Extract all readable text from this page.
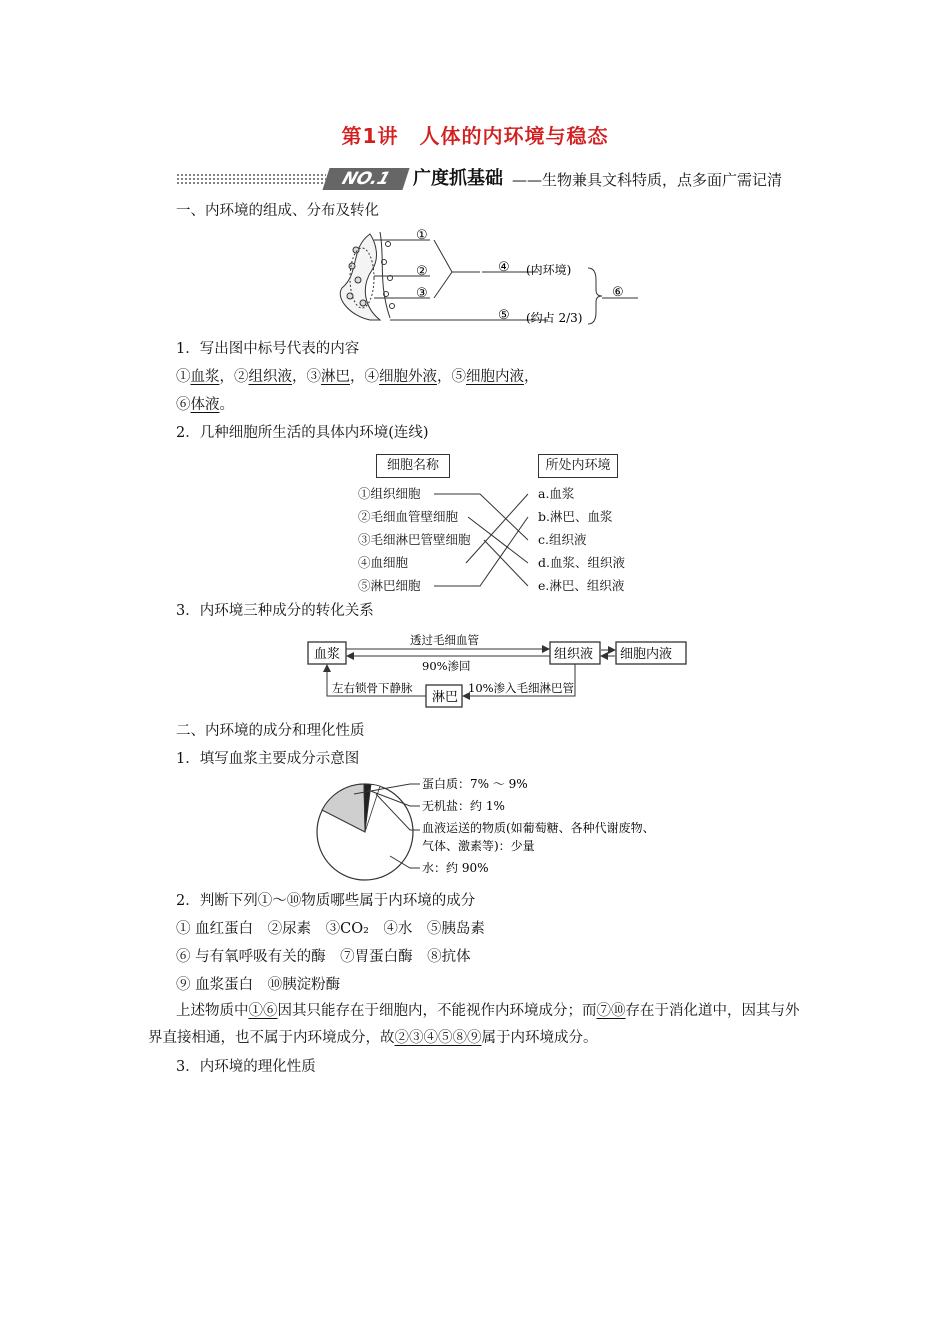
第1讲　人体的内环境与稳态
NO.1	广度抓基础 ——生物兼具文科特质，点多面广需记清
一、内环境的组成、分布及转化
①
②
③
④ (内环境)
⑤ (约占 2/3)
⑥
1．写出图中标号代表的内容
①血浆，②组织液，③淋巴，④细胞外液，⑤细胞内液，
⑥体液。
2．几种细胞所生活的具体内环境(连线)
细胞名称	所处内环境
①组织细胞
②毛细血管壁细胞
③毛细淋巴管壁细胞
④血细胞
⑤淋巴细胞
a.血浆
b.淋巴、血浆
c.组织液
d.血浆、组织液
e.淋巴、组织液
3．内环境三种成分的转化关系
血浆	组织液 细胞内液
淋巴
透过毛细血管
90%渗回
10%渗入毛细淋巴管
左右锁骨下静脉
二、内环境的成分和理化性质
1．填写血浆主要成分示意图
蛋白质：7% ～ 9%
无机盐：约 1%
血液运送的物质(如葡萄糖、各种代谢废物、
气体、激素等)：少量
水：约 90%
2．判断下列①～⑩物质哪些属于内环境的成分
① 血红蛋白　②尿素　③CO₂　④水　⑤胰岛素
⑥ 与有氧呼吸有关的酶　⑦胃蛋白酶　⑧抗体
⑨ 血浆蛋白　⑩胰淀粉酶
上述物质中①⑥因其只能存在于细胞内，不能视作内环境成分；而⑦⑩存在于消化道中，因其与外界直接相通，也不属于内环境成分，故②③④⑤⑧⑨属于内环境成分。
3．内环境的理化性质
